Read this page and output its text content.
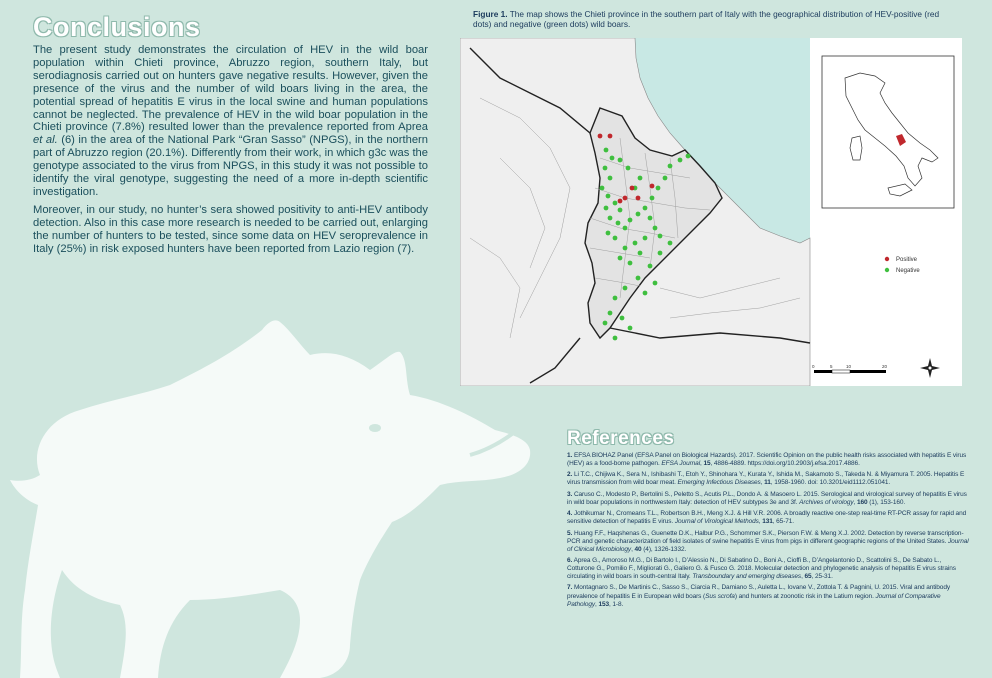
Conclusions

The present study demonstrates the circulation of HEV in the wild boar population within Chieti province, Abruzzo region, southern Italy, but serodiagnosis carried out on hunters gave negative results. However, given the presence of the virus and the number of wild boars living in the area, the potential spread of hepatitis E virus in the local swine and human populations cannot be neglected. The prevalence of HEV in the wild boar population in the Chieti province (7.8%) resulted lower than the prevalence reported from Aprea et al. (6) in the area of the National Park “Gran Sasso” (NPGS), in the northern part of Abruzzo region (20.1%). Differently from their work, in which g3c was the genotype associated to the virus from NPGS, in this study it was not possible to identify the viral genotype, suggesting the need of a more in-depth scientific investigation.

Moreover, in our study, no hunter’s sera showed positivity to anti-HEV antibody detection. Also in this case more research is needed to be carried out, enlarging the number of hunters to be tested, since some data on HEV seroprevalence in Italy (25%) in risk exposed hunters have been reported from Lazio region (7).

Figure 1. The map shows the Chieti province in the southern part of Italy with the geographical distribution of HEV-positive (red dots) and negative (green dots) wild boars.
Positive
Negative
0	5	10	20
References

1. EFSA BIOHAZ Panel (EFSA Panel on Biological Hazards). 2017. Scientific Opinion on the public health risks associated with hepatitis E virus (HEV) as a food-borne pathogen. EFSA Journal, 15, 4886-4889. https://doi.org/10.2903/j.efsa.2017.4886.

2. Li T.C., Chijiwa K., Sera N., Ishibashi T., Etoh Y., Shinohara Y., Kurata Y., Ishida M., Sakamoto S., Takeda N. & Miyamura T. 2005. Hepatitis E virus transmission from wild boar meat. Emerging Infectious Diseases, 11, 1958-1960. doi: 10.3201/eid1112.051041.

3. Caruso C., Modesto P., Bertolini S., Peletto S., Acutis P.L., Dondo A. & Masoero L. 2015. Serological and virological survey of hepatitis E virus in wild boar populations in northwestern Italy: detection of HEV subtypes 3e and 3f. Archives of virology, 160 (1), 153-160.

4. Jothikumar N., Cromeans T.L., Robertson B.H., Meng X.J. & Hill V.R. 2006. A broadly reactive one-step real-time RT-PCR assay for rapid and sensitive detection of hepatitis E virus. Journal of Virological Methods, 131, 65-71.

5. Huang F.F., Haqshenas G., Guenette D.K., Halbur P.G., Schommer S.K., Pierson F.W. & Meng X.J. 2002. Detection by reverse transcription-PCR and genetic characterization of field isolates of swine hepatitis E virus from pigs in different geographic regions of the United States. Journal of Clinical Microbiology, 40 (4), 1326-1332.

6. Aprea G., Amoroso M.G., Di Bartolo I., D’Alessio N., Di Sabatino D., Boni A., Cioffi B., D’Angelantonio D., Scattolini S., De Sabato L., Cotturone G., Pomilio F., Migliorati G., Galiero G. & Fusco G. 2018. Molecular detection and phylogenetic analysis of hepatitis E virus strains circulating in wild boars in south-central Italy. Transboundary and emerging diseases, 65, 25-31.

7. Montagnaro S., De Martinis C., Sasso S., Ciarcia R., Damiano S., Auletta L., Iovane V., Zottola T. & Pagnini, U. 2015. Viral and antibody prevalence of hepatitis E in European wild boars (Sus scrofa) and hunters at zoonotic risk in the Latium region. Journal of Comparative Pathology, 153, 1-8.
